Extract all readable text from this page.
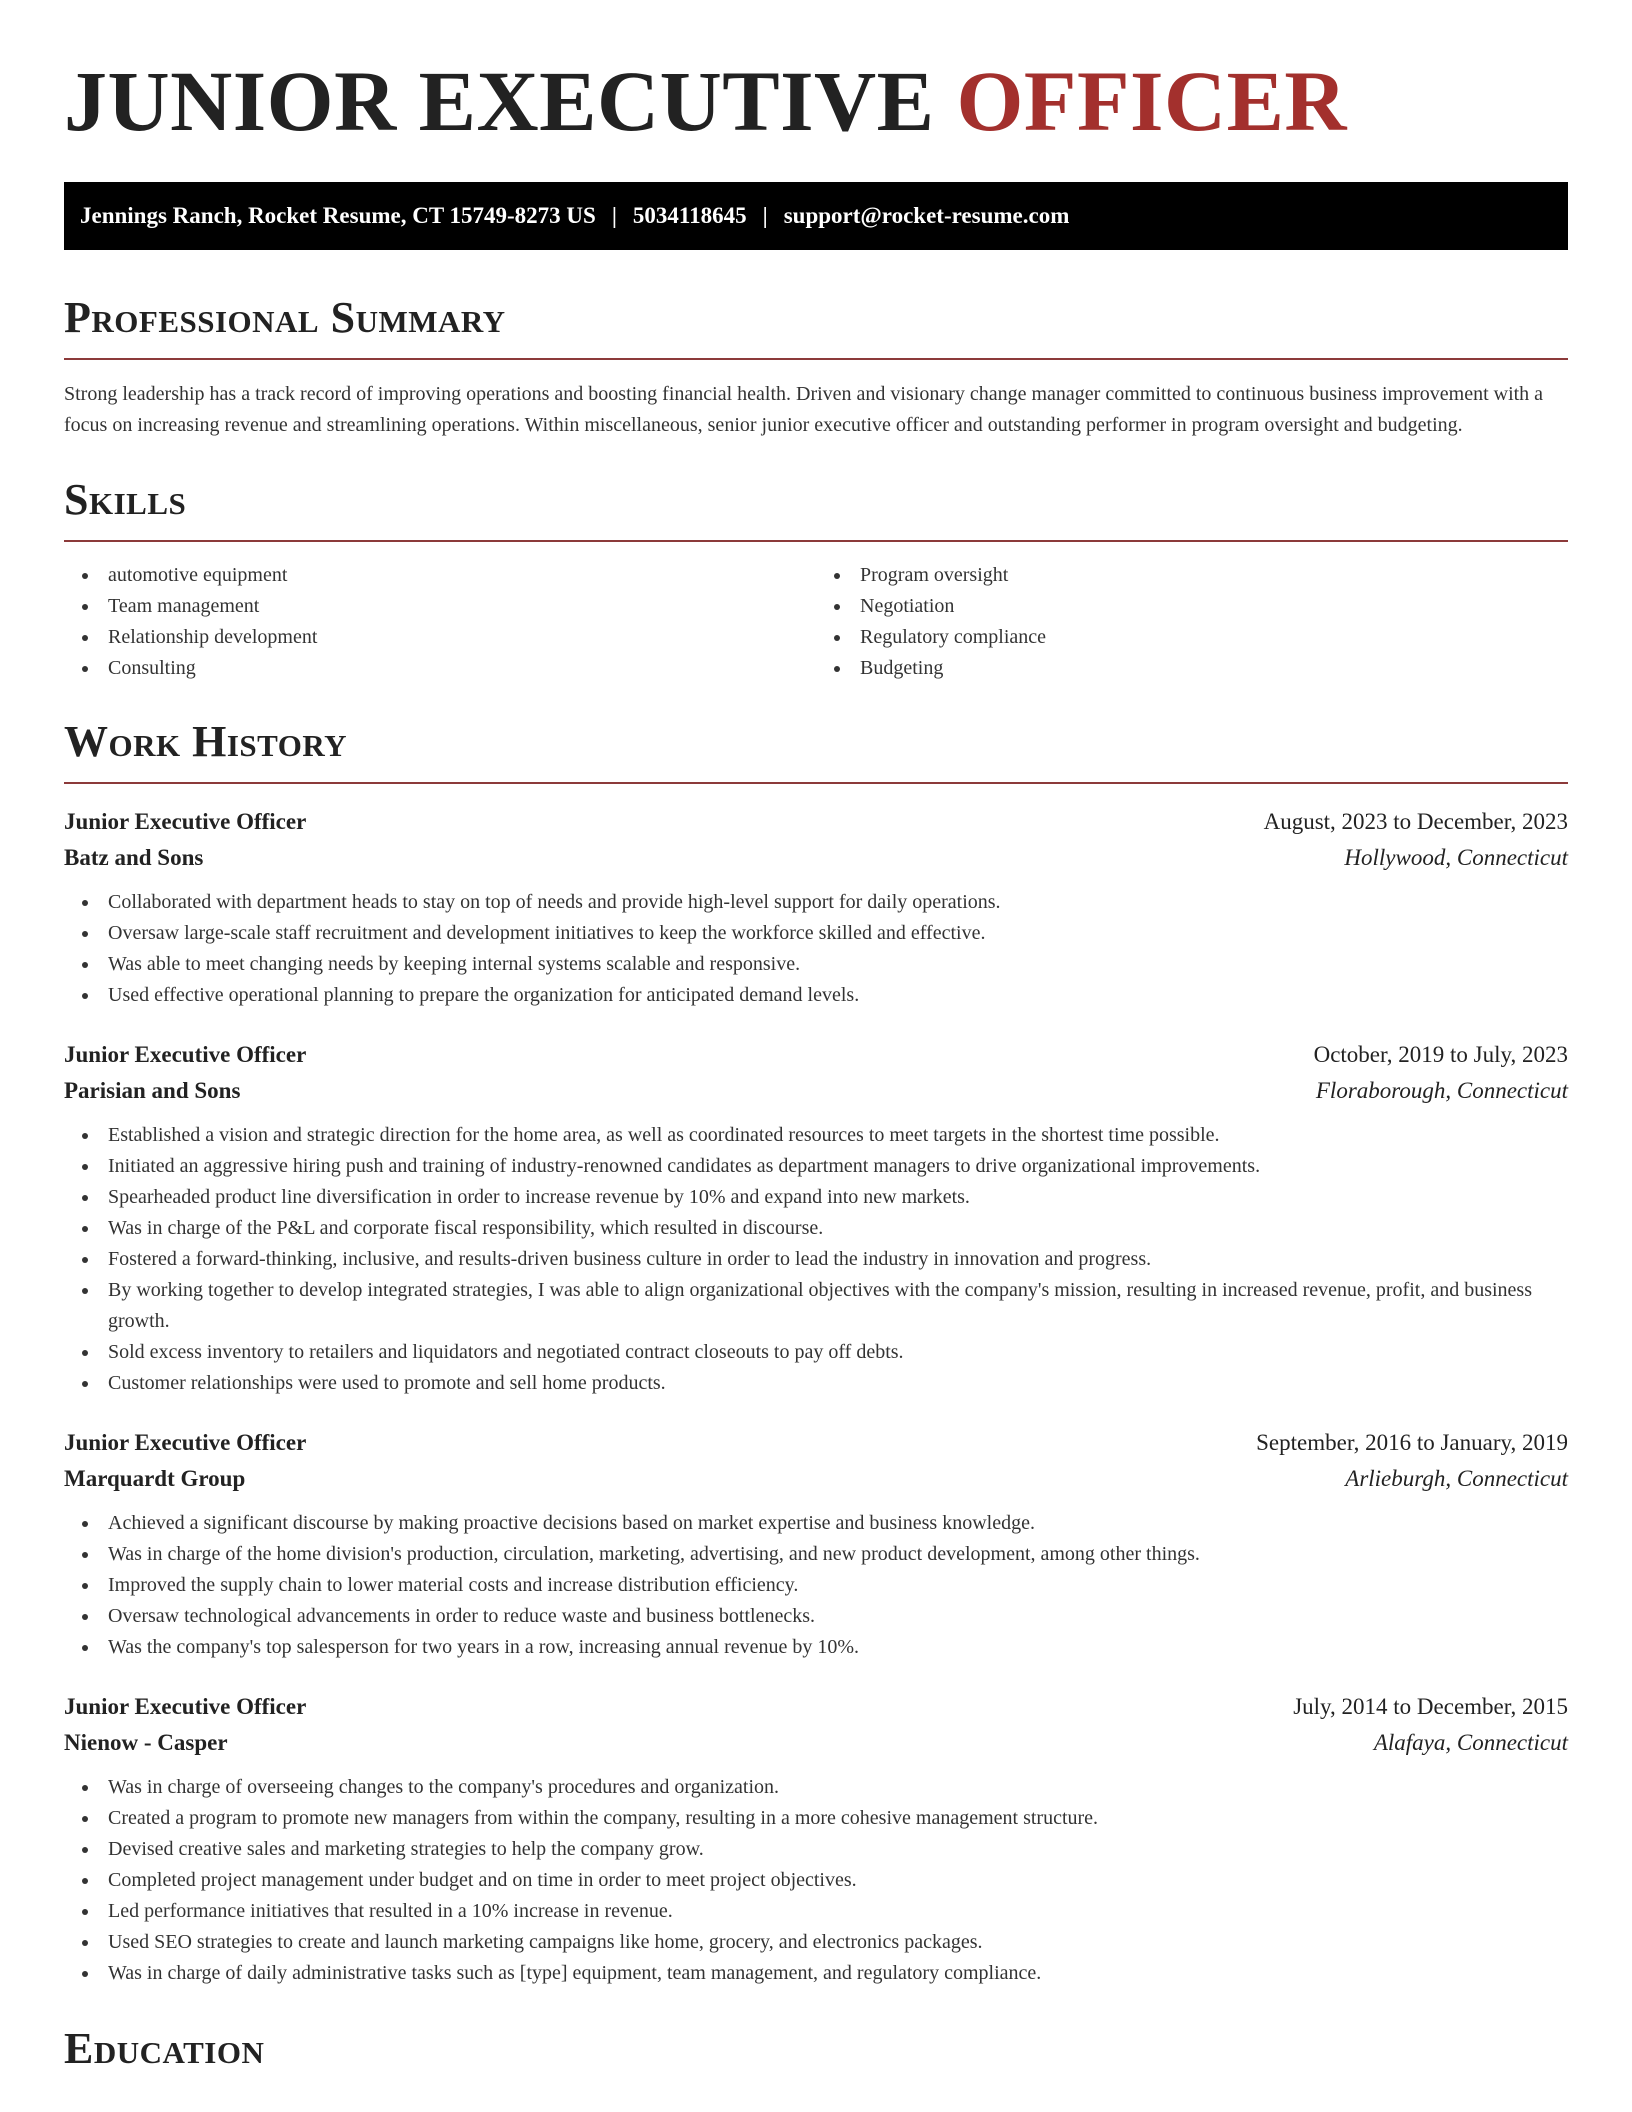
JUNIOR EXECUTIVE OFFICER
Jennings Ranch, Rocket Resume, CT 15749-8273 US | 5034118645 | support@rocket-resume.com
Professional Summary

Strong leadership has a track record of improving operations and boosting financial health. Driven and visionary change manager committed to continuous business improvement with a focus on increasing revenue and streamlining operations. Within miscellaneous, senior junior executive officer and outstanding performer in program oversight and budgeting.

Skills
automotive equipment
Team management
Relationship development
Consulting
Program oversight
Negotiation
Regulatory compliance
Budgeting
Work History
Junior Executive Officer	August, 2023 to December, 2023
Batz and Sons	Hollywood, Connecticut
Collaborated with department heads to stay on top of needs and provide high-level support for daily operations.
Oversaw large-scale staff recruitment and development initiatives to keep the workforce skilled and effective.
Was able to meet changing needs by keeping internal systems scalable and responsive.
Used effective operational planning to prepare the organization for anticipated demand levels.
Junior Executive Officer	October, 2019 to July, 2023
Parisian and Sons	Floraborough, Connecticut
Established a vision and strategic direction for the home area, as well as coordinated resources to meet targets in the shortest time possible.
Initiated an aggressive hiring push and training of industry-renowned candidates as department managers to drive organizational improvements.
Spearheaded product line diversification in order to increase revenue by 10% and expand into new markets.
Was in charge of the P&L and corporate fiscal responsibility, which resulted in discourse.
Fostered a forward-thinking, inclusive, and results-driven business culture in order to lead the industry in innovation and progress.
By working together to develop integrated strategies, I was able to align organizational objectives with the company's mission, resulting in increased revenue, profit, and business growth.
Sold excess inventory to retailers and liquidators and negotiated contract closeouts to pay off debts.
Customer relationships were used to promote and sell home products.
Junior Executive Officer	September, 2016 to January, 2019
Marquardt Group	Arlieburgh, Connecticut
Achieved a significant discourse by making proactive decisions based on market expertise and business knowledge.
Was in charge of the home division's production, circulation, marketing, advertising, and new product development, among other things.
Improved the supply chain to lower material costs and increase distribution efficiency.
Oversaw technological advancements in order to reduce waste and business bottlenecks.
Was the company's top salesperson for two years in a row, increasing annual revenue by 10%.
Junior Executive Officer	July, 2014 to December, 2015
Nienow - Casper	Alafaya, Connecticut
Was in charge of overseeing changes to the company's procedures and organization.
Created a program to promote new managers from within the company, resulting in a more cohesive management structure.
Devised creative sales and marketing strategies to help the company grow.
Completed project management under budget and on time in order to meet project objectives.
Led performance initiatives that resulted in a 10% increase in revenue.
Used SEO strategies to create and launch marketing campaigns like home, grocery, and electronics packages.
Was in charge of daily administrative tasks such as [type] equipment, team management, and regulatory compliance.
Education
